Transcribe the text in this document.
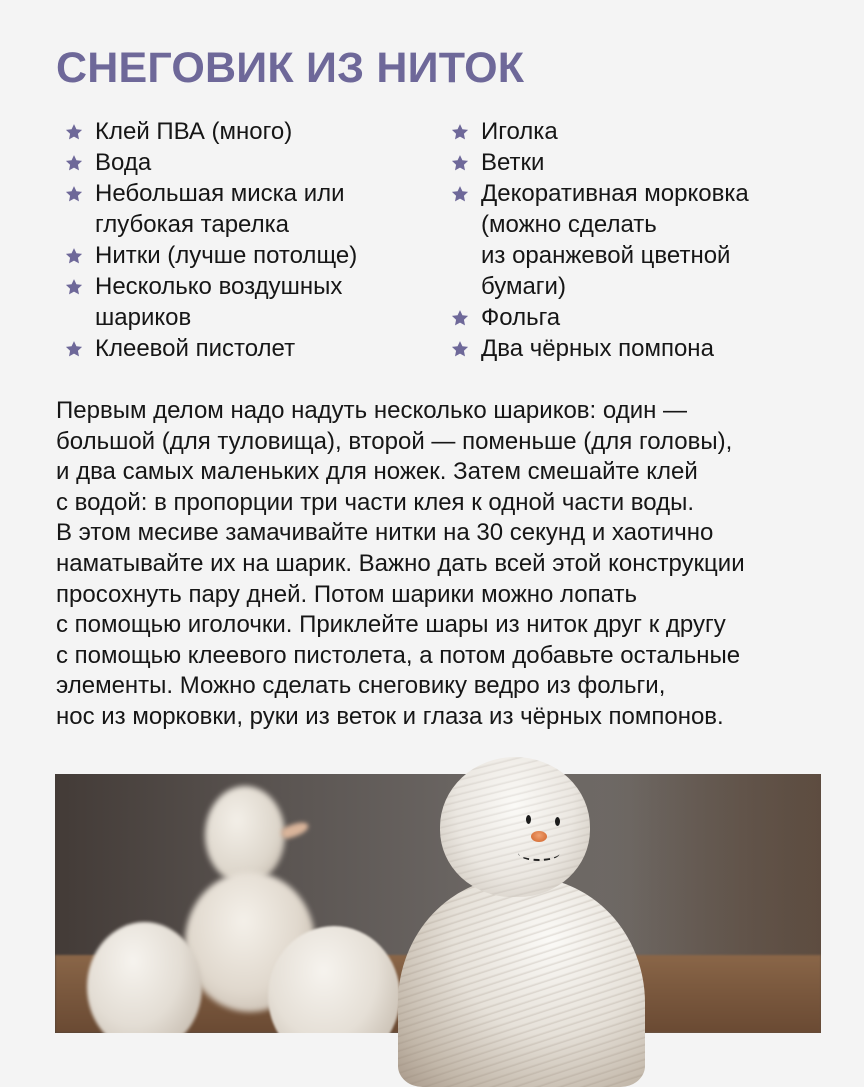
СНЕГОВИК ИЗ НИТОК
Клей ПВА (много)
Вода
Небольшая миска или
глубокая тарелка
Нитки (лучше потолще)
Несколько воздушных
шариков
Клеевой пистолет
Иголка
Ветки
Декоративная морковка
(можно сделать
из оранжевой цветной
бумаги)
Фольга
Два чёрных помпона

Первым делом надо надуть несколько шариков: один —
большой (для туловища), второй — поменьше (для головы),
и два самых маленьких для ножек. Затем смешайте клей
с водой: в пропорции три части клея к одной части воды.
В этом месиве замачивайте нитки на 30 секунд и хаотично
наматывайте их на шарик. Важно дать всей этой конструкции
просохнуть пару дней. Потом шарики можно лопать
с помощью иголочки. Приклейте шары из ниток друг к другу
с помощью клеевого пистолета, а потом добавьте остальные
элементы. Можно сделать снеговику ведро из фольги,
нос из морковки, руки из веток и глаза из чёрных помпонов.
